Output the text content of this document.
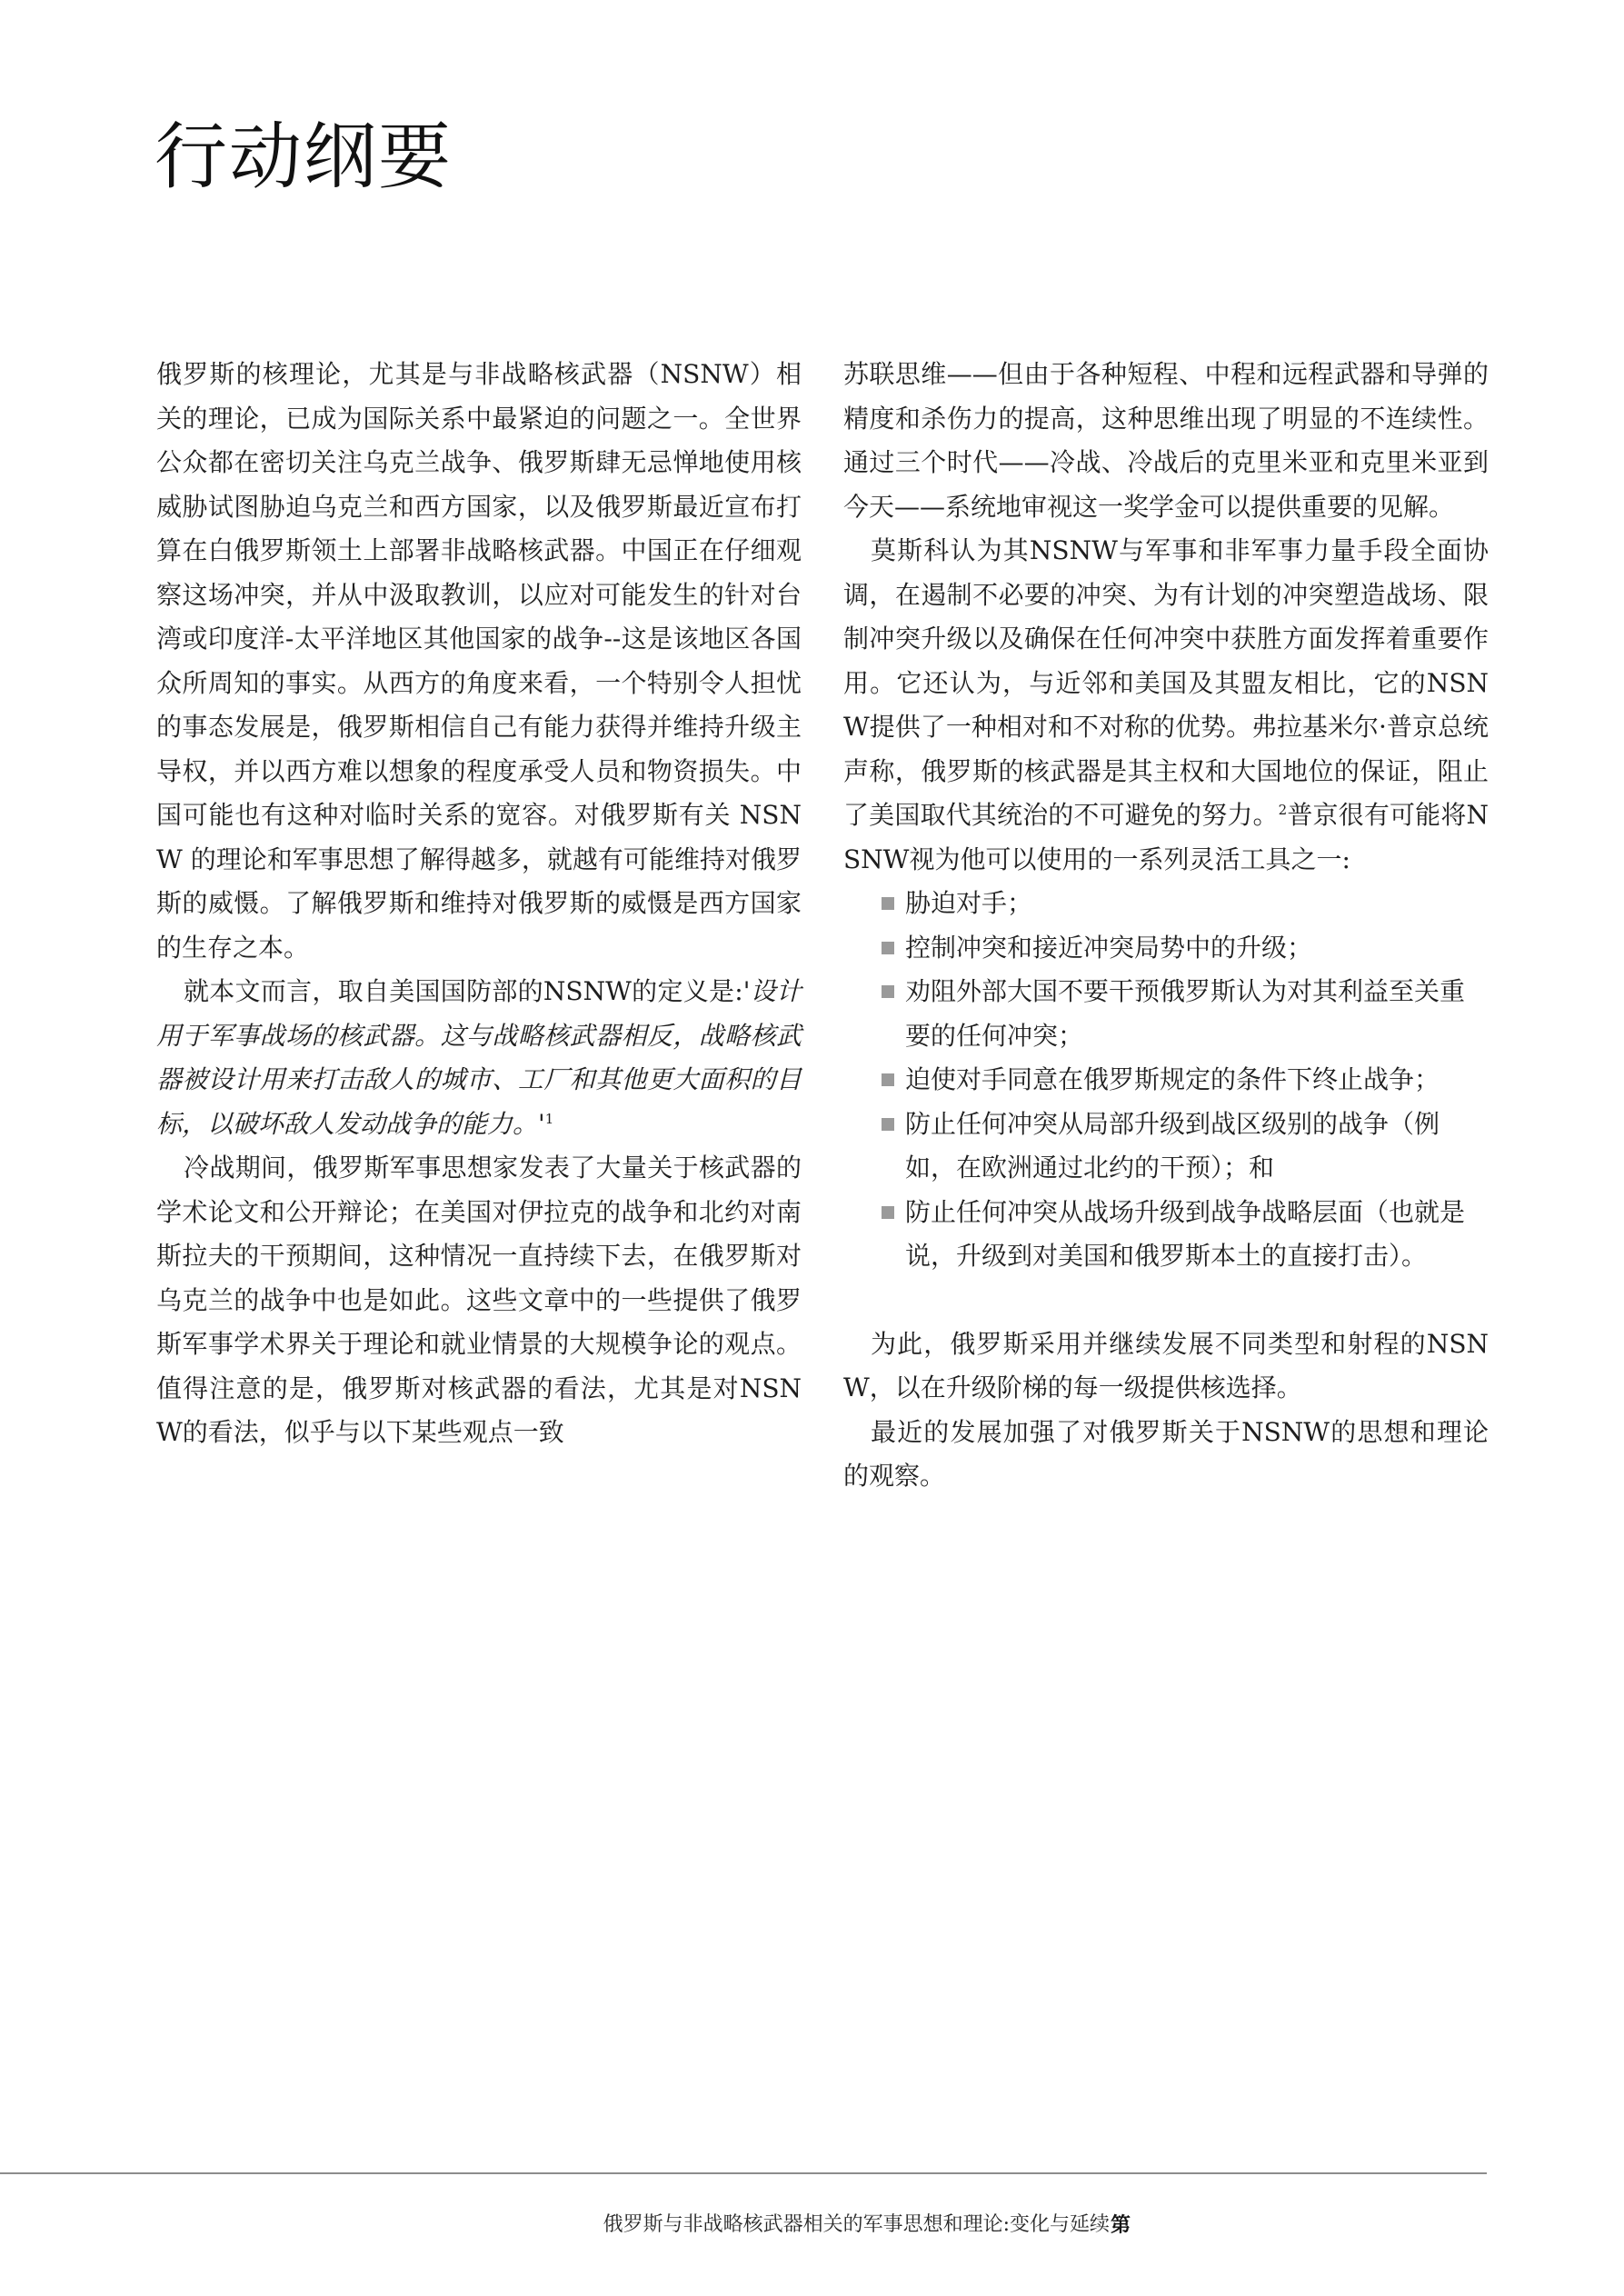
行动纲要

俄罗斯的核理论，尤其是与非战略核武器（NSNW）相关的理论，已成为国际关系中最紧迫的问题之一。全世界公众都在密切关注乌克兰战争、俄罗斯肆无忌惮地使用核威胁试图胁迫乌克兰和西方国家，以及俄罗斯最近宣布打算在白俄罗斯领土上部署非战略核武器。中国正在仔细观察这场冲突，并从中汲取教训，以应对可能发生的针对台湾或印度洋-太平洋地区其他国家的战争--这是该地区各国众所周知的事实。从西方的角度来看，一个特别令人担忧的事态发展是，俄罗斯相信自己有能力获得并维持升级主导权，并以西方难以想象的程度承受人员和物资损失。中国可能也有这种对临时关系的宽容。对俄罗斯有关 NSNW 的理论和军事思想了解得越多，就越有可能维持对俄罗斯的威慑。了解俄罗斯和维持对俄罗斯的威慑是西方国家的生存之本。

就本文而言，取自美国国防部的NSNW的定义是:'设计用于军事战场的核武器。这与战略核武器相反，战略核武器被设计用来打击敌人的城市、工厂和其他更大面积的目标，以破坏敌人发动战争的能力。'$^1$

冷战期间，俄罗斯军事思想家发表了大量关于核武器的学术论文和公开辩论；在美国对伊拉克的战争和北约对南斯拉夫的干预期间，这种情况一直持续下去，在俄罗斯对乌克兰的战争中也是如此。这些文章中的一些提供了俄罗斯军事学术界关于理论和就业情景的大规模争论的观点。值得注意的是，俄罗斯对核武器的看法，尤其是对NSNW的看法，似乎与以下某些观点一致

苏联思维——但由于各种短程、中程和远程武器和导弹的精度和杀伤力的提高，这种思维出现了明显的不连续性。通过三个时代——冷战、冷战后的克里米亚和克里米亚到今天——系统地审视这一奖学金可以提供重要的见解。

莫斯科认为其NSNW与军事和非军事力量手段全面协调，在遏制不必要的冲突、为有计划的冲突塑造战场、限制冲突升级以及确保在任何冲突中获胜方面发挥着重要作用。它还认为，与近邻和美国及其盟友相比，它的NSNW提供了一种相对和不对称的优势。弗拉基米尔·普京总统声称，俄罗斯的核武器是其主权和大国地位的保证，阻止了美国取代其统治的不可避免的努力。$^2$普京很有可能将NSNW视为他可以使用的一系列灵活工具之一:

胁迫对手；
控制冲突和接近冲突局势中的升级；
劝阻外部大国不要干预俄罗斯认为对其利益至关重要的任何冲突；
迫使对手同意在俄罗斯规定的条件下终止战争；
防止任何冲突从局部升级到战区级别的战争（例如，在欧洲通过北约的干预）；和
防止任何冲突从战场升级到战争战略层面（也就是说，升级到对美国和俄罗斯本土的直接打击）。

为此，俄罗斯采用并继续发展不同类型和射程的NSNW，以在升级阶梯的每一级提供核选择。

最近的发展加强了对俄罗斯关于NSNW的思想和理论的观察。

俄罗斯与非战略核武器相关的军事思想和理论:变化与延续 第
